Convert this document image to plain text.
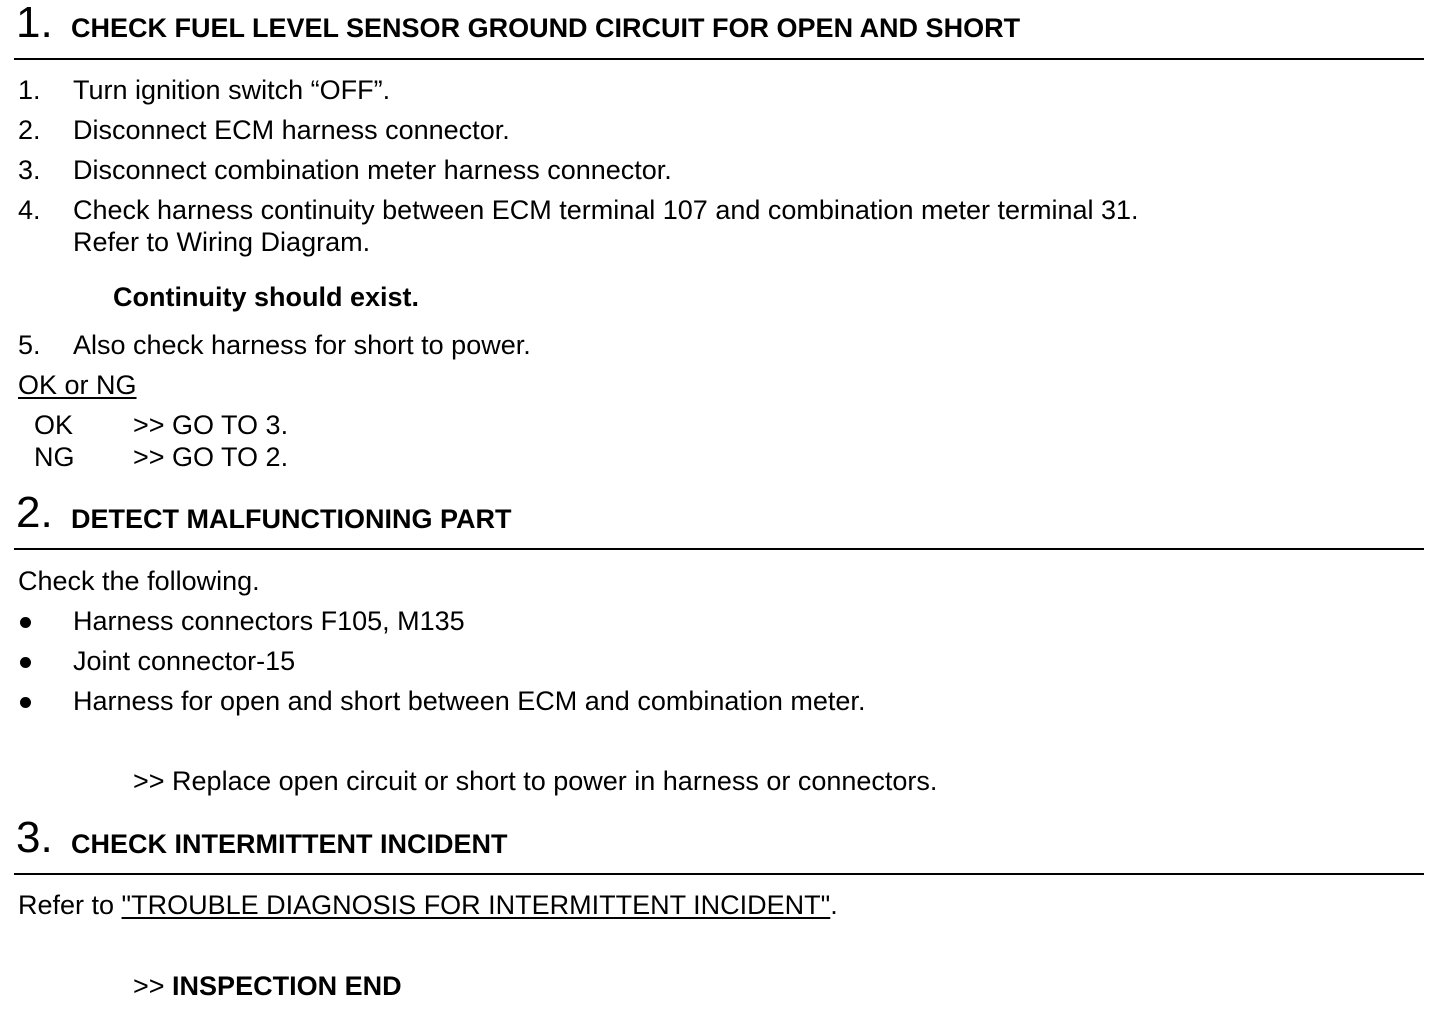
1. CHECK FUEL LEVEL SENSOR GROUND CIRCUIT FOR OPEN AND SHORT
1. Turn ignition switch “OFF”.
2. Disconnect ECM harness connector.
3. Disconnect combination meter harness connector.
4. Check harness continuity between ECM terminal 107 and combination meter terminal 31.
Refer to Wiring Diagram.
Continuity should exist.
5. Also check harness for short to power.
OK or NG
OK >> GO TO 3.
NG >> GO TO 2.
2. DETECT MALFUNCTIONING PART
Check the following.
Harness connectors F105, M135
Joint connector-15
Harness for open and short between ECM and combination meter.
>> Replace open circuit or short to power in harness or connectors.
3. CHECK INTERMITTENT INCIDENT
Refer to "TROUBLE DIAGNOSIS FOR INTERMITTENT INCIDENT".
>> INSPECTION END
